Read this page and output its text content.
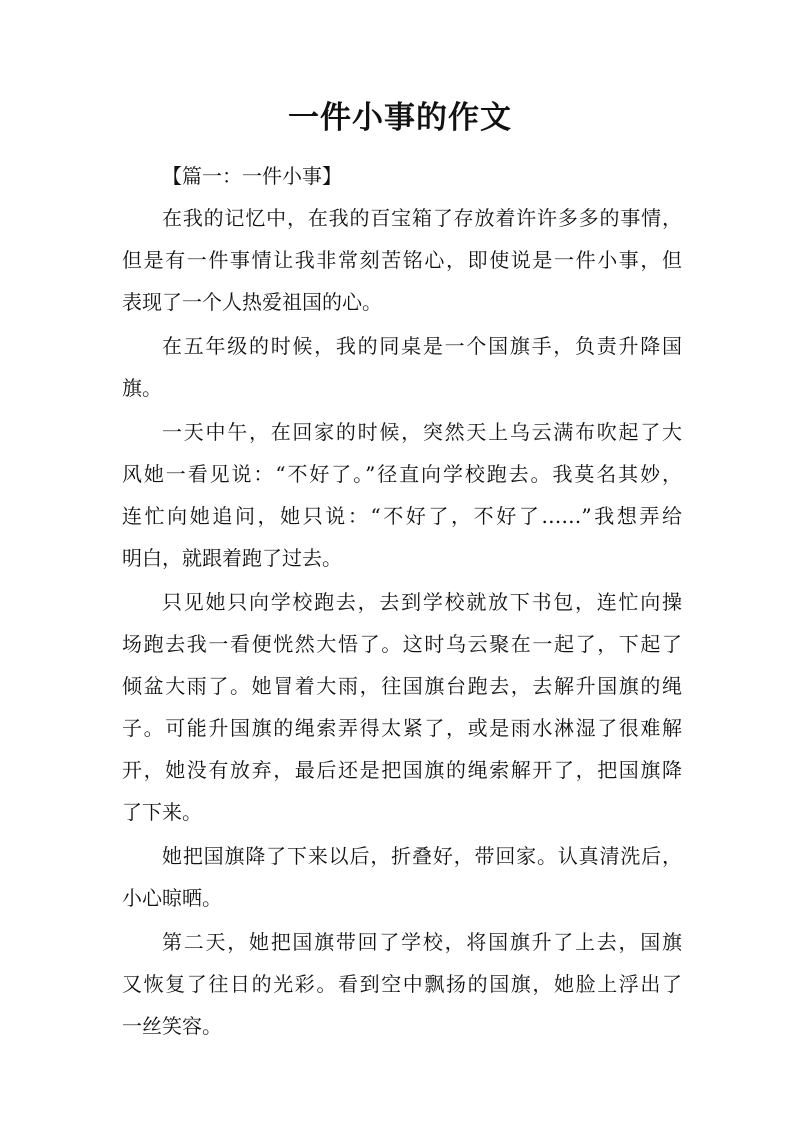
一件小事的作文

【篇一：一件小事】

在我的记忆中，在我的百宝箱了存放着许许多多的事情，
但是有一件事情让我非常刻苦铭心，即使说是一件小事，但
表现了一个人热爱祖国的心。

在五年级的时候，我的同桌是一个国旗手，负责升降国
旗。

一天中午，在回家的时候，突然天上乌云满布吹起了大
风她一看见说：“不好了。”径直向学校跑去。我莫名其妙，
连忙向她追问，她只说：“不好了，不好了……”我想弄给
明白，就跟着跑了过去。

只见她只向学校跑去，去到学校就放下书包，连忙向操
场跑去我一看便恍然大悟了。这时乌云聚在一起了，下起了
倾盆大雨了。她冒着大雨，往国旗台跑去，去解升国旗的绳
子。可能升国旗的绳索弄得太紧了，或是雨水淋湿了很难解
开，她没有放弃，最后还是把国旗的绳索解开了，把国旗降
了下来。

她把国旗降了下来以后，折叠好，带回家。认真清洗后，
小心晾晒。

第二天，她把国旗带回了学校，将国旗升了上去，国旗
又恢复了往日的光彩。看到空中飘扬的国旗，她脸上浮出了
一丝笑容。
